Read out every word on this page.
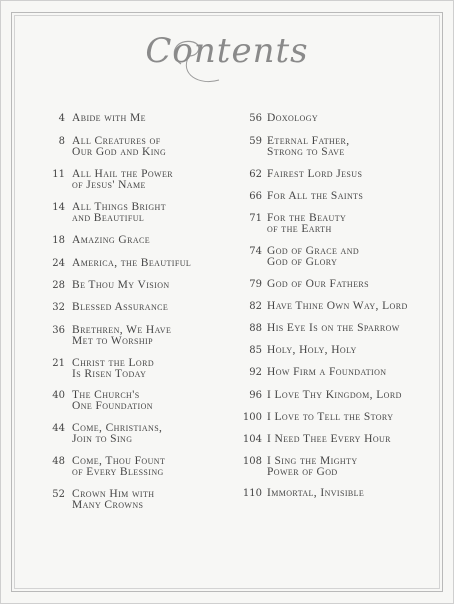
Contents
4 Abide with Me
8 All Creatures of
Our God and King
11 All Hail the Power
of Jesus' Name
14 All Things Bright
and Beautiful
18 Amazing Grace
24 America, the Beautiful
28 Be Thou My Vision
32 Blessed Assurance
36 Brethren, We Have
Met to Worship
21 Christ the Lord
Is Risen Today
40 The Church's
One Foundation
44 Come, Christians,
Join to Sing
48 Come, Thou Fount
of Every Blessing
52 Crown Him with
Many Crowns
56 Doxology
59 Eternal Father,
Strong to Save
62 Fairest Lord Jesus
66 For All the Saints
71 For the Beauty
of the Earth
74 God of Grace and
God of Glory
79 God of Our Fathers
82 Have Thine Own Way, Lord
88 His Eye Is on the Sparrow
85 Holy, Holy, Holy
92 How Firm a Foundation
96 I Love Thy Kingdom, Lord
100 I Love to Tell the Story
104 I Need Thee Every Hour
108 I Sing the Mighty
Power of God
110 Immortal, Invisible
